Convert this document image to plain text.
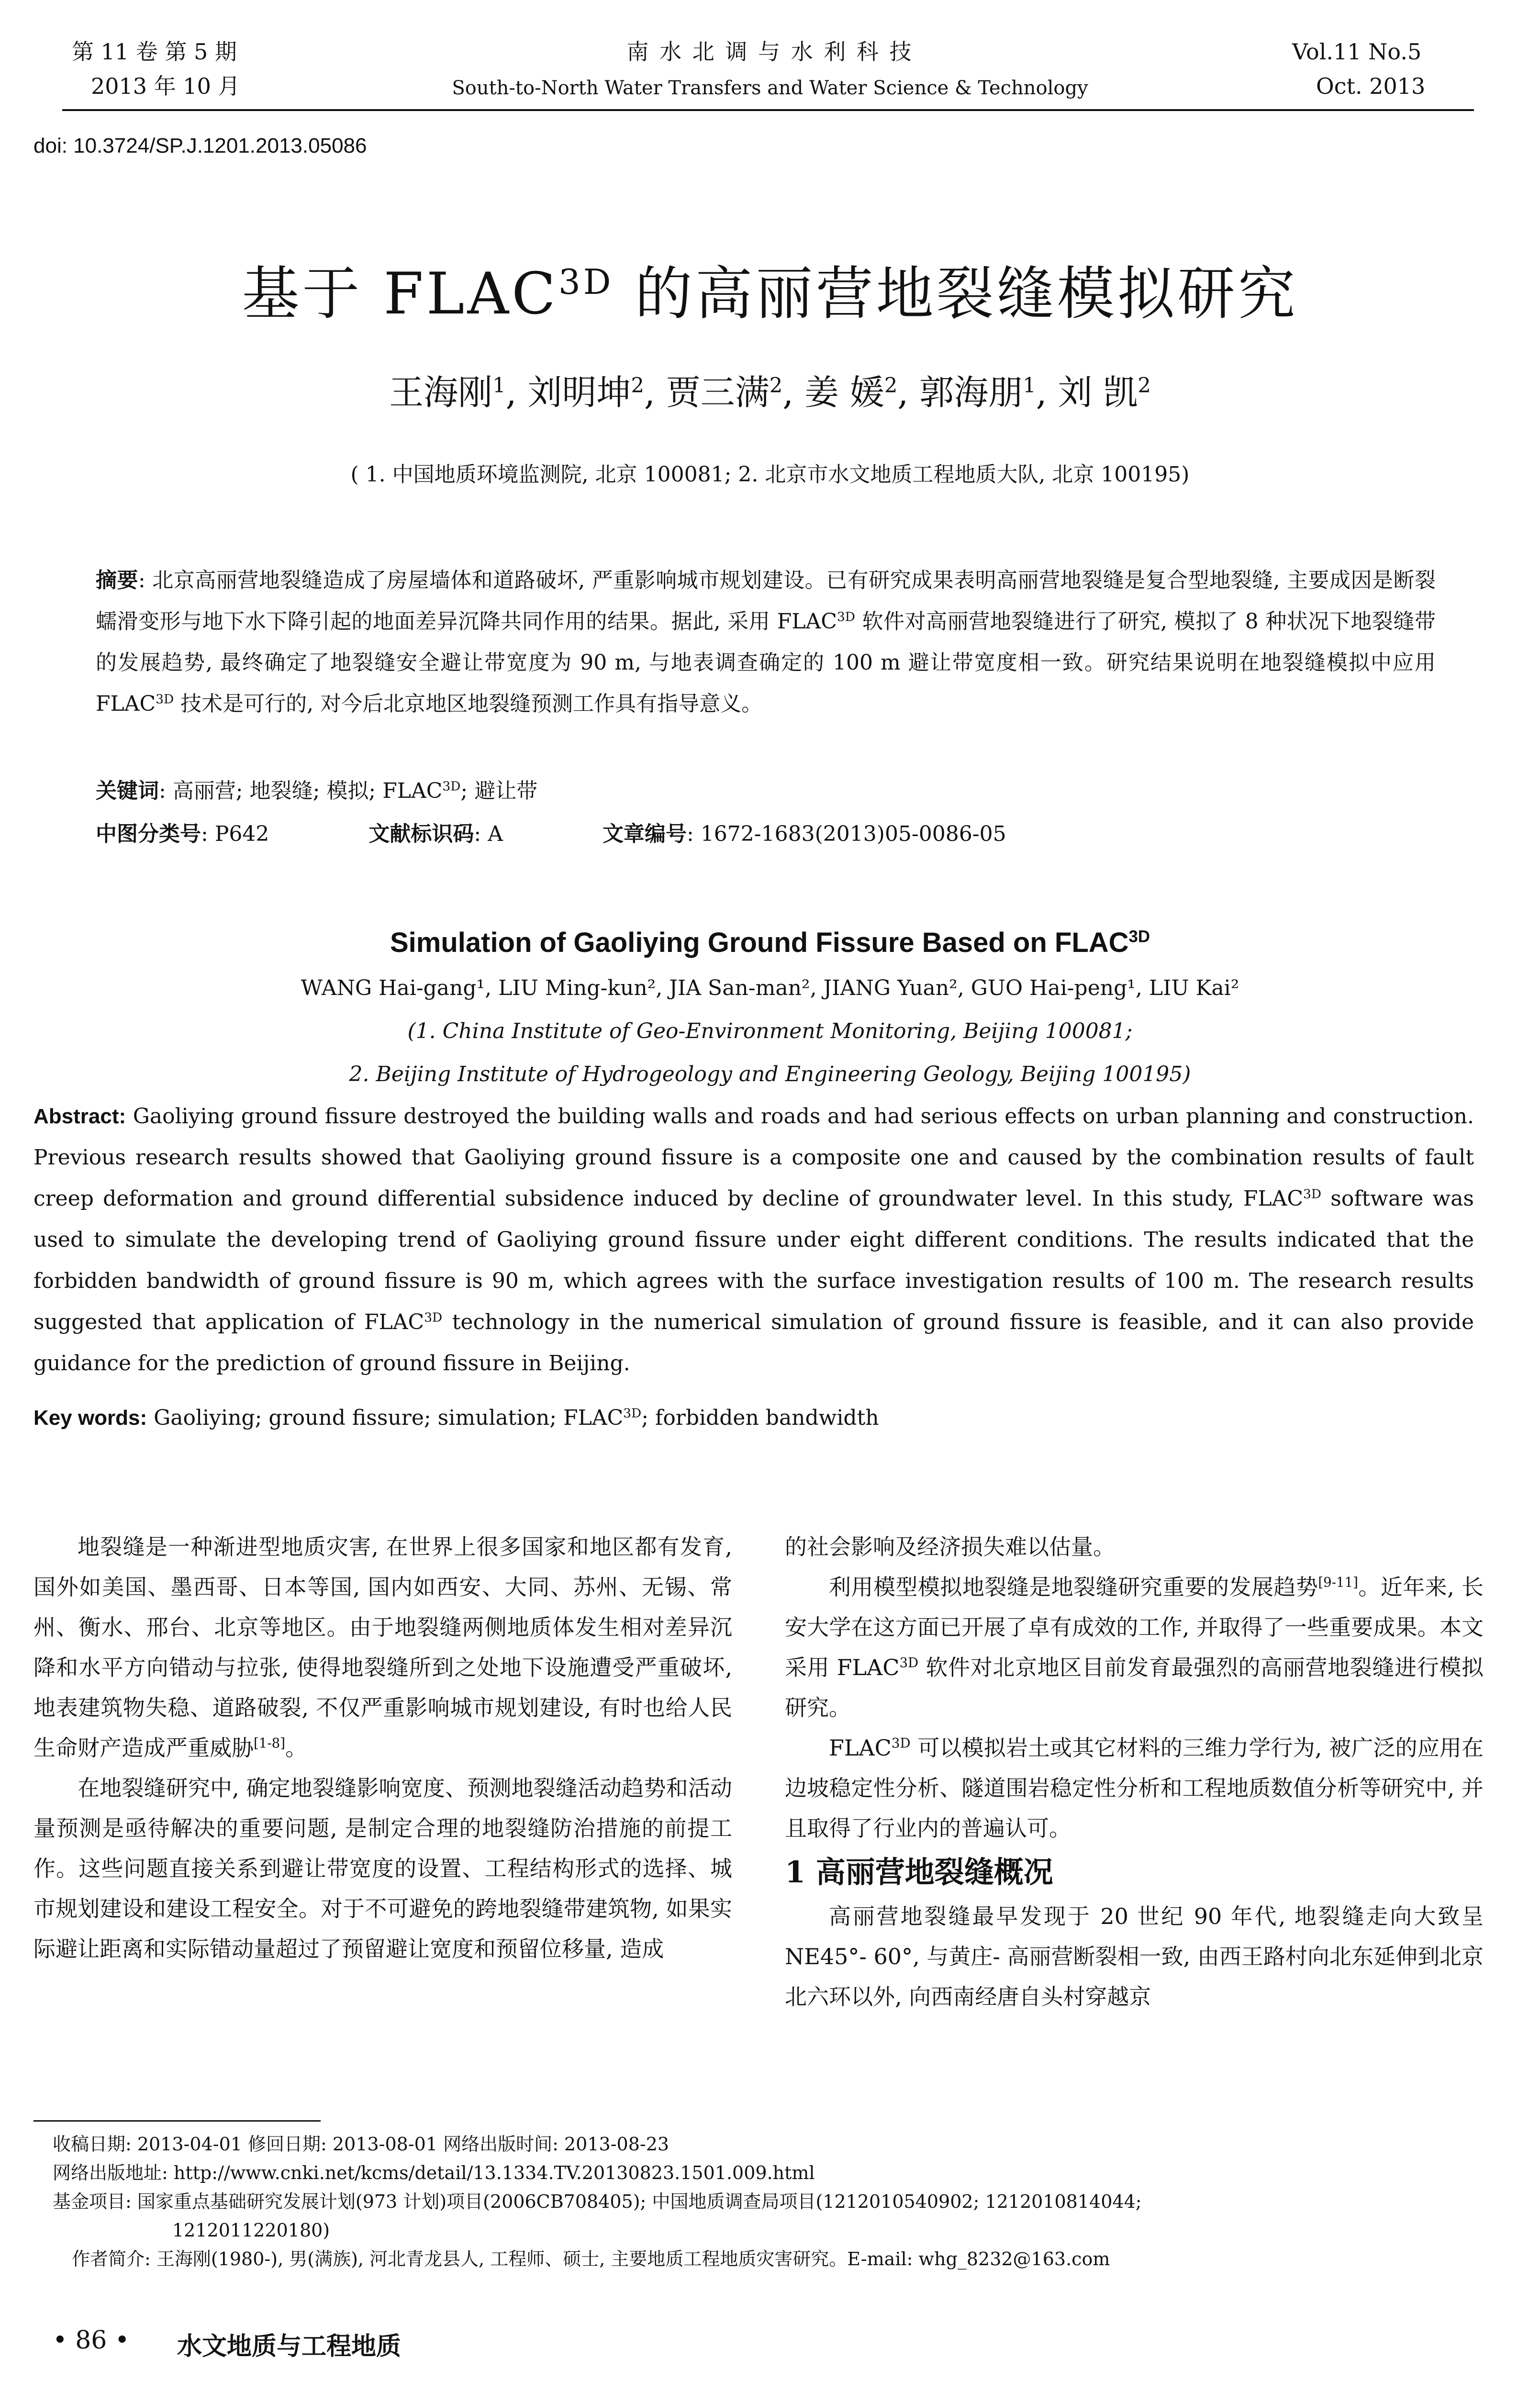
第 11 卷 第 5 期
2013 年 10 月
南 水 北 调 与 水 利 科 技
South-to-North Water Transfers and Water Science & Technology
Vol.11 No.5
Oct. 2013
doi: 10.3724/SP.J.1201.2013.05086
基于 $FLAC^{3D}$ 的高丽营地裂缝模拟研究
王海刚$^1$, 刘明坤$^2$, 贾三满$^2$, 姜 媛$^2$, 郭海朋$^1$, 刘 凯$^2$
( 1. 中国地质环境监测院, 北京 100081; 2. 北京市水文地质工程地质大队, 北京 100195)
摘要: 北京高丽营地裂缝造成了房屋墙体和道路破坏, 严重影响城市规划建设。已有研究成果表明高丽营地裂缝是复合型地裂缝, 主要成因是断裂蠕滑变形与地下水下降引起的地面差异沉降共同作用的结果。据此, 采用 $FLAC^{3D}$ 软件对高丽营地裂缝进行了研究, 模拟了 8 种状况下地裂缝带的发展趋势, 最终确定了地裂缝安全避让带宽度为 90 m, 与地表调查确定的 100 m 避让带宽度相一致。研究结果说明在地裂缝模拟中应用 $FLAC^{3D}$ 技术是可行的, 对今后北京地区地裂缝预测工作具有指导意义。
关键词: 高丽营; 地裂缝; 模拟; $FLAC^{3D}$; 避让带
中图分类号: P642	文献标识码: A	文章编号: 1672-1683(2013)05-0086-05
Simulation of Gaoliying Ground Fissure Based on $FLAC^{3D}$
WANG Hai-gang¹, LIU Ming-kun², JIA San-man², JIANG Yuan², GUO Hai-peng¹, LIU Kai²
(1. China Institute of Geo-Environment Monitoring, Beijing 100081;
2. Beijing Institute of Hydrogeology and Engineering Geology, Beijing 100195)
Abstract: Gaoliying ground fissure destroyed the building walls and roads and had serious effects on urban planning and construction. Previous research results showed that Gaoliying ground fissure is a composite one and caused by the combination results of fault creep deformation and ground differential subsidence induced by decline of groundwater level. In this study, $FLAC^{3D}$ software was used to simulate the developing trend of Gaoliying ground fissure under eight different conditions. The results indicated that the forbidden bandwidth of ground fissure is 90 m, which agrees with the surface investigation results of 100 m. The research results suggested that application of $FLAC^{3D}$ technology in the numerical simulation of ground fissure is feasible, and it can also provide guidance for the prediction of ground fissure in Beijing.
Key words: Gaoliying; ground fissure; simulation; $FLAC^{3D}$; forbidden bandwidth

地裂缝是一种渐进型地质灾害, 在世界上很多国家和地区都有发育, 国外如美国、墨西哥、日本等国, 国内如西安、大同、苏州、无锡、常州、衡水、邢台、北京等地区。由于地裂缝两侧地质体发生相对差异沉降和水平方向错动与拉张, 使得地裂缝所到之处地下设施遭受严重破坏, 地表建筑物失稳、道路破裂, 不仅严重影响城市规划建设, 有时也给人民生命财产造成严重威胁[1-8]。

在地裂缝研究中, 确定地裂缝影响宽度、预测地裂缝活动趋势和活动量预测是亟待解决的重要问题, 是制定合理的地裂缝防治措施的前提工作。这些问题直接关系到避让带宽度的设置、工程结构形式的选择、城市规划建设和建设工程安全。对于不可避免的跨地裂缝带建筑物, 如果实际避让距离和实际错动量超过了预留避让宽度和预留位移量, 造成

的社会影响及经济损失难以估量。

利用模型模拟地裂缝是地裂缝研究重要的发展趋势[9-11]。近年来, 长安大学在这方面已开展了卓有成效的工作, 并取得了一些重要成果。本文采用 $FLAC^{3D}$ 软件对北京地区目前发育最强烈的高丽营地裂缝进行模拟研究。

$FLAC^{3D}$ 可以模拟岩土或其它材料的三维力学行为, 被广泛的应用在边坡稳定性分析、隧道围岩稳定性分析和工程地质数值分析等研究中, 并且取得了行业内的普遍认可。

1 高丽营地裂缝概况

高丽营地裂缝最早发现于 20 世纪 90 年代, 地裂缝走向大致呈 NE45°- 60°, 与黄庄- 高丽营断裂相一致, 由西王路村向北东延伸到北京北六环以外, 向西南经唐自头村穿越京

收稿日期: 2013-04-01 修回日期: 2013-08-01 网络出版时间: 2013-08-23

网络出版地址: http://www.cnki.net/kcms/detail/13.1334.TV.20130823.1501.009.html

基金项目: 国家重点基础研究发展计划(973 计划)项目(2006CB708405); 中国地质调查局项目(1212010540902; 1212010814044;

1212011220180)

作者简介: 王海刚(1980-), 男(满族), 河北青龙县人, 工程师、硕士, 主要地质工程地质灾害研究。E-mail: whg_8232@163.com

• 86 • 水文地质与工程地质
